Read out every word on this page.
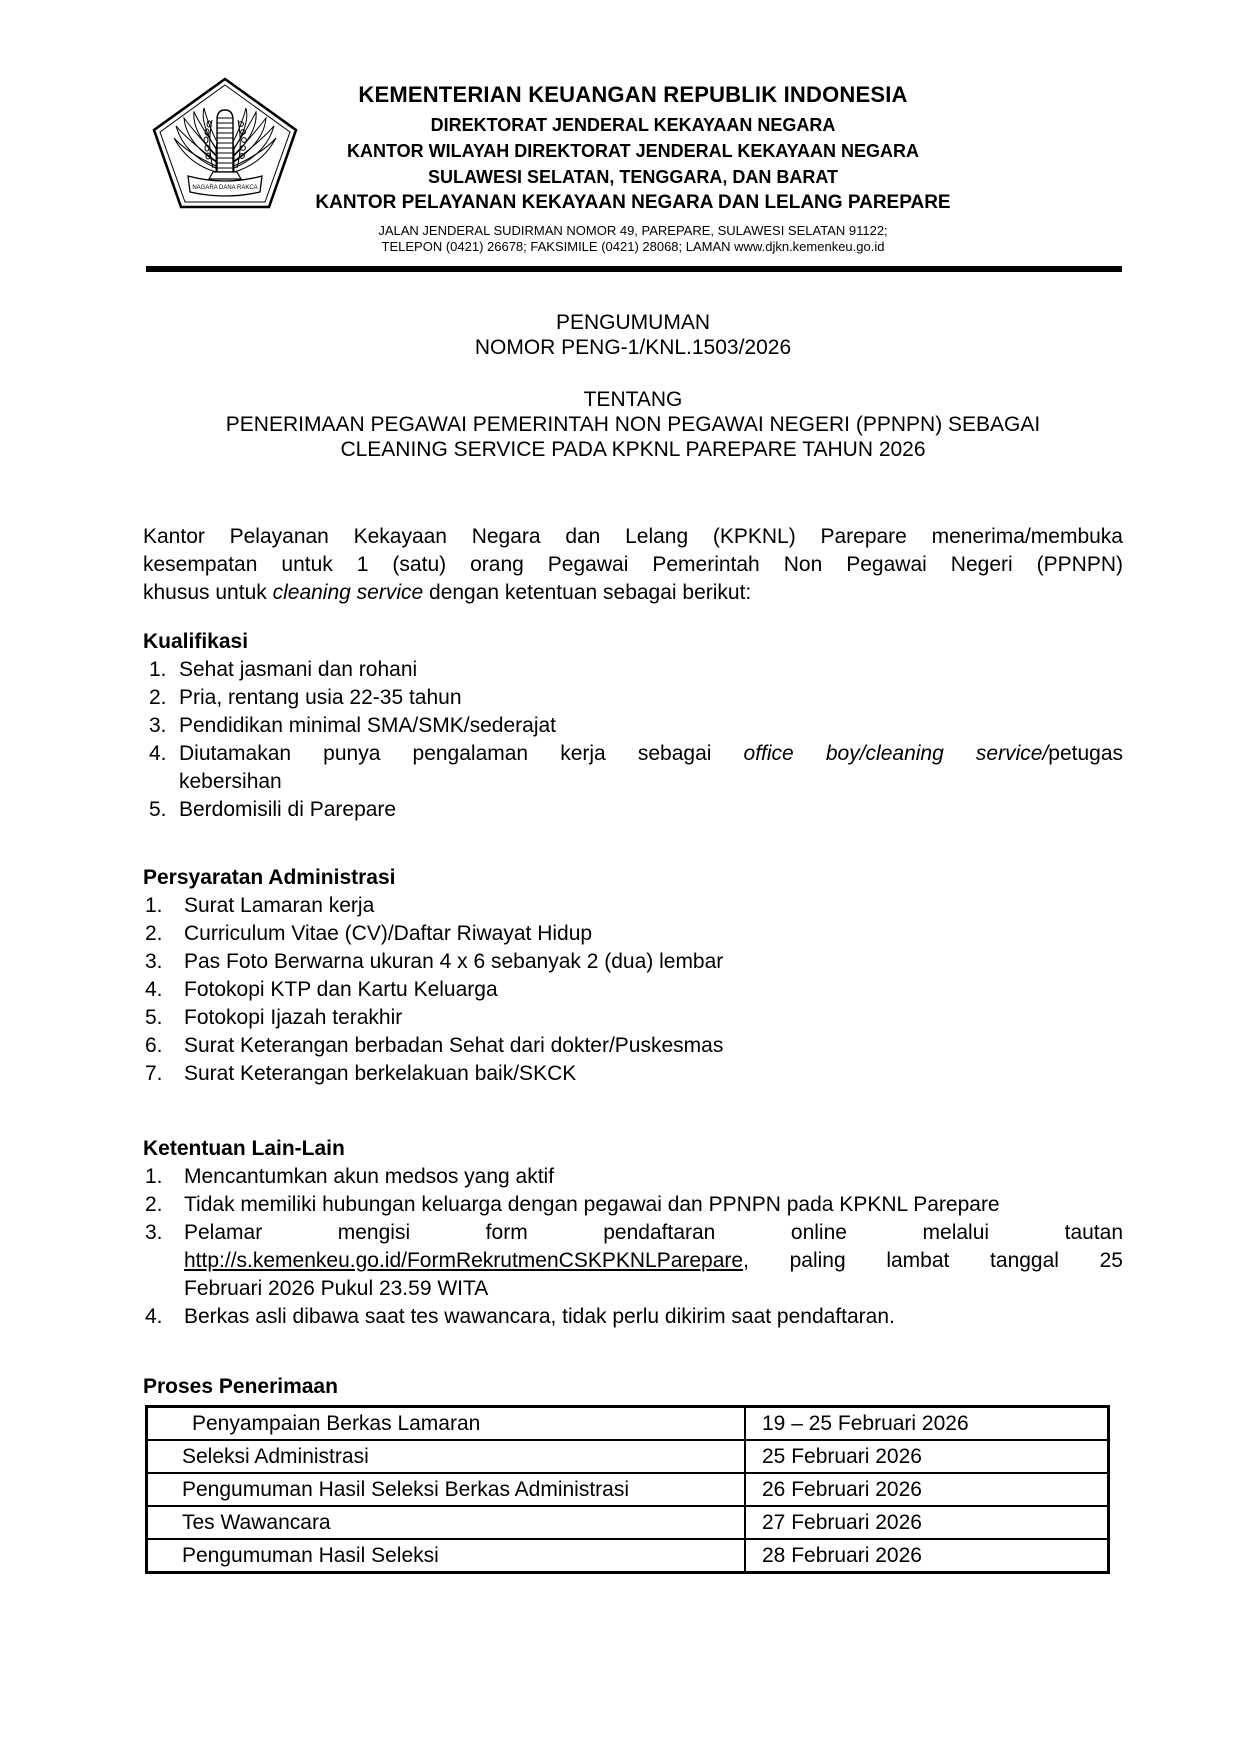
NAGARA DANA RAKCA
KEMENTERIAN KEUANGAN REPUBLIK INDONESIA
DIREKTORAT JENDERAL KEKAYAAN NEGARA
KANTOR WILAYAH DIREKTORAT JENDERAL KEKAYAAN NEGARA
SULAWESI SELATAN, TENGGARA, DAN BARAT
KANTOR PELAYANAN KEKAYAAN NEGARA DAN LELANG PAREPARE
JALAN JENDERAL SUDIRMAN NOMOR 49, PAREPARE, SULAWESI SELATAN 91122;
TELEPON (0421) 26678; FAKSIMILE (0421) 28068; LAMAN www.djkn.kemenkeu.go.id
PENGUMUMAN
NOMOR PENG-1/KNL.1503/2026
TENTANG
PENERIMAAN PEGAWAI PEMERINTAH NON PEGAWAI NEGERI (PPNPN) SEBAGAI
CLEANING SERVICE PADA KPKNL PAREPARE TAHUN 2026

Kantor Pelayanan Kekayaan Negara dan Lelang (KPKNL) Parepare menerima/membuka
kesempatan untuk 1 (satu) orang Pegawai Pemerintah Non Pegawai Negeri (PPNPN)
khusus untuk cleaning service dengan ketentuan sebagai berikut:

Kualifikasi
1. Sehat jasmani dan rohani
2. Pria, rentang usia 22-35 tahun
3. Pendidikan minimal SMA/SMK/sederajat
4. Diutamakan punya pengalaman kerja sebagai office boy/cleaning service/petugas
kebersihan
5. Berdomisili di Parepare
Persyaratan Administrasi
1. Surat Lamaran kerja
2. Curriculum Vitae (CV)/Daftar Riwayat Hidup
3. Pas Foto Berwarna ukuran 4 x 6 sebanyak 2 (dua) lembar
4. Fotokopi KTP dan Kartu Keluarga
5. Fotokopi Ijazah terakhir
6. Surat Keterangan berbadan Sehat dari dokter/Puskesmas
7. Surat Keterangan berkelakuan baik/SKCK
Ketentuan Lain-Lain
1. Mencantumkan akun medsos yang aktif
2. Tidak memiliki hubungan keluarga dengan pegawai dan PPNPN pada KPKNL Parepare
3. Pelamar mengisi form pendaftaran online melalui tautan
http://s.kemenkeu.go.id/FormRekrutmenCSKPKNLParepare, paling lambat tanggal 25
Februari 2026 Pukul 23.59 WITA
4. Berkas asli dibawa saat tes wawancara, tidak perlu dikirim saat pendaftaran.
Proses Penerimaan
Penyampaian Berkas Lamaran	19 – 25 Februari 2026
Seleksi Administrasi	25 Februari 2026
Pengumuman Hasil Seleksi Berkas Administrasi	26 Februari 2026
Tes Wawancara	27 Februari 2026
Pengumuman Hasil Seleksi	28 Februari 2026
